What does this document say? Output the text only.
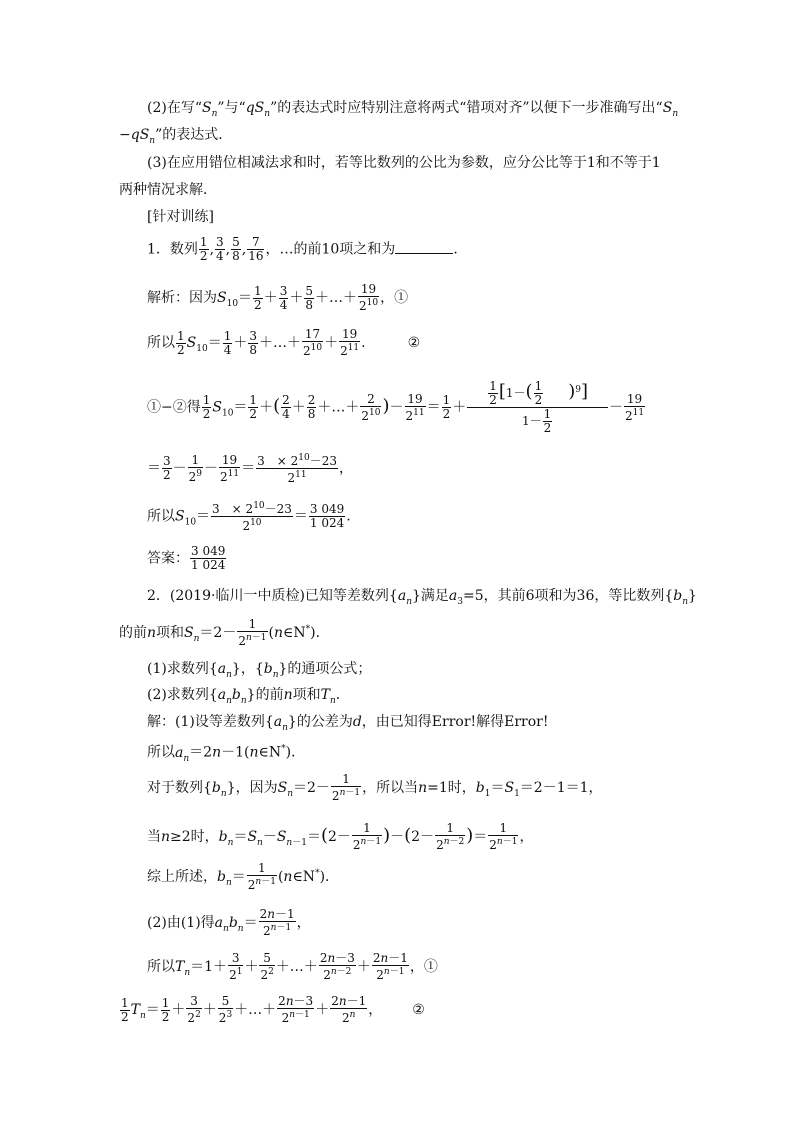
(2)在写“$S_n$”与“$qS_n$”的表达式时应特别注意将两式“错项对齐”以便下一步准确写出“$S_n$
$-qS_n$”的表达式．
(3)在应用错位相减法求和时，若等比数列的公比为参数，应分公比等于1和不等于1
两种情况求解．
[针对训练]
1．数列 $\frac{1}{2}$ , $\frac{3}{4}$ , $\frac{5}{8}$ , $\frac{7}{16}$ ，…的前10项之和为	．
解析：因为$S_{10}= \frac{1}{2} + \frac{3}{4} + \frac{5}{8}$ ＋…＋ $\frac{19}{2^{10}}$ ，①
所以 $\frac{1}{2} S_{10}= \frac{1}{4} + \frac{3}{8}$ ＋…＋ $\frac{17}{2^{10}} + \frac{19}{2^{11}}$ .	②
①−②得 $\frac{1}{2} S_{10}= \frac{1}{2}$ ＋( $\frac{2}{4} + \frac{2}{8}$ ＋…＋ $\frac{2}{2^{10}}$ )－ $\frac{19}{2^{11}} = \frac{1}{2} + \frac{\frac{1}{2} [1-( \frac{1}{2} )^9]}{1- \frac{1}{2}} - \frac{19}{2^{11}}$
＝ $\frac{3}{2} - \frac{1}{2^9} - \frac{19}{2^{11}} = \frac{3 \times 2^{10}-23}{2^{11}}$ ，
所以$S_{10}= \frac{3 \times 2^{10}-23}{2^{10}} = \frac{3 049}{1 024}$ .
答案： $\frac{3 049}{1 024}$
2．(2019·临川一中质检)已知等差数列$\{a_n\}$满足$a_3=5$，其前6项和为36，等比数列$\{b_n\}$
的前n项和$S_n=2- \frac{1}{2^{n-1}}$ (n∈N*)．
(1)求数列$\{a_n\}$，$\{b_n\}$的通项公式；
(2)求数列$\{a_nb_n\}$的前n项和$T_n$.
解：(1)设等差数列$\{a_n\}$的公差为d，由已知得Error!解得Error!
所以$a_n=2n-1(n\in N^*)$．
对于数列$\{b_n\}$，因为$S_n=2- \frac{1}{2^{n-1}}$ ，所以当n=1时，$b_1=S_1=2-1=1$，
当n≥2时，$b_n=S_n-S_{n-1}=(2- \frac{1}{2^{n-1}} )-(2- \frac{1}{2^{n-2}}$ )＝ $\frac{1}{2^{n-1}}$ ，
综上所述，$b_n= \frac{1}{2^{n-1}}$ (n∈N*)．
(2)由(1)得$a_nb_n= \frac{2n-1}{2^{n-1}}$ ，
所以$T_n=1+ \frac{3}{2^1} + \frac{5}{2^2}$ ＋…＋ $\frac{2n-3}{2^{n-2}} + \frac{2n-1}{2^{n-1}}$ ，①
$\frac{1}{2} T_n= \frac{1}{2} + \frac{3}{2^2} + \frac{5}{2^3}$ ＋…＋ $\frac{2n-3}{2^{n-1}} + \frac{2n-1}{2^n}$ ， ②
